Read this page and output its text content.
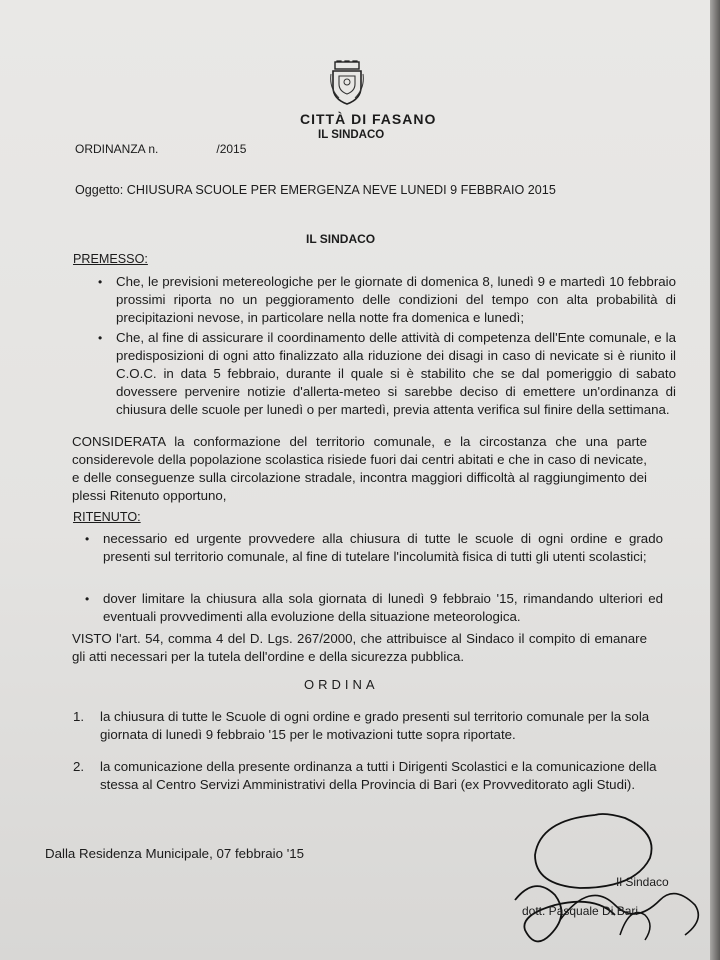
CITTÀ DI FASANO
IL SINDACO
ORDINANZA n.	/2015
Oggetto: CHIUSURA SCUOLE PER EMERGENZA NEVE LUNEDI 9 FEBBRAIO 2015
IL SINDACO
PREMESSO:
• Che, le previsioni metereologiche per le giornate di domenica 8, lunedì 9 e martedì 10 febbraio prossimi riporta no un peggioramento delle condizioni del tempo con alta probabilità di precipitazioni nevose, in particolare nella notte fra domenica e lunedì;
• Che, al fine di assicurare il coordinamento delle attività di competenza dell'Ente comunale, e la predisposizioni di ogni atto finalizzato alla riduzione dei disagi in caso di nevicate si è riunito il C.O.C. in data 5 febbraio, durante il quale si è stabilito che se dal pomeriggio di sabato dovessere pervenire notizie d'allerta-meteo si sarebbe deciso di emettere un'ordinanza di chiusura delle scuole per lunedì o per martedì, previa attenta verifica sul finire della settimana.
CONSIDERATA la conformazione del territorio comunale, e la circostanza che una parte considerevole della popolazione scolastica risiede fuori dai centri abitati e che in caso di nevicate, e delle conseguenze sulla circolazione stradale, incontra maggiori difficoltà al raggiungimento dei plessi Ritenuto opportuno,
RITENUTO:
• necessario ed urgente provvedere alla chiusura di tutte le scuole di ogni ordine e grado presenti sul territorio comunale, al fine di tutelare l'incolumità fisica di tutti gli utenti scolastici;
• dover limitare la chiusura alla sola giornata di lunedì 9 febbraio '15, rimandando ulteriori ed eventuali provvedimenti alla evoluzione della situazione meteorologica.
VISTO l'art. 54, comma 4 del D. Lgs. 267/2000, che attribuisce al Sindaco il compito di emanare gli atti necessari per la tutela dell'ordine e della sicurezza pubblica.
ORDINA
1. la chiusura di tutte le Scuole di ogni ordine e grado presenti sul territorio comunale per la sola giornata di lunedì 9 febbraio '15 per le motivazioni tutte sopra riportate.
2. la comunicazione della presente ordinanza a tutti i Dirigenti Scolastici e la comunicazione della stessa al Centro Servizi Amministrativi della Provincia di Bari (ex Provveditorato agli Studi).
Dalla Residenza Municipale, 07 febbraio '15
Il Sindaco
dott. Pasquale Di Bari
